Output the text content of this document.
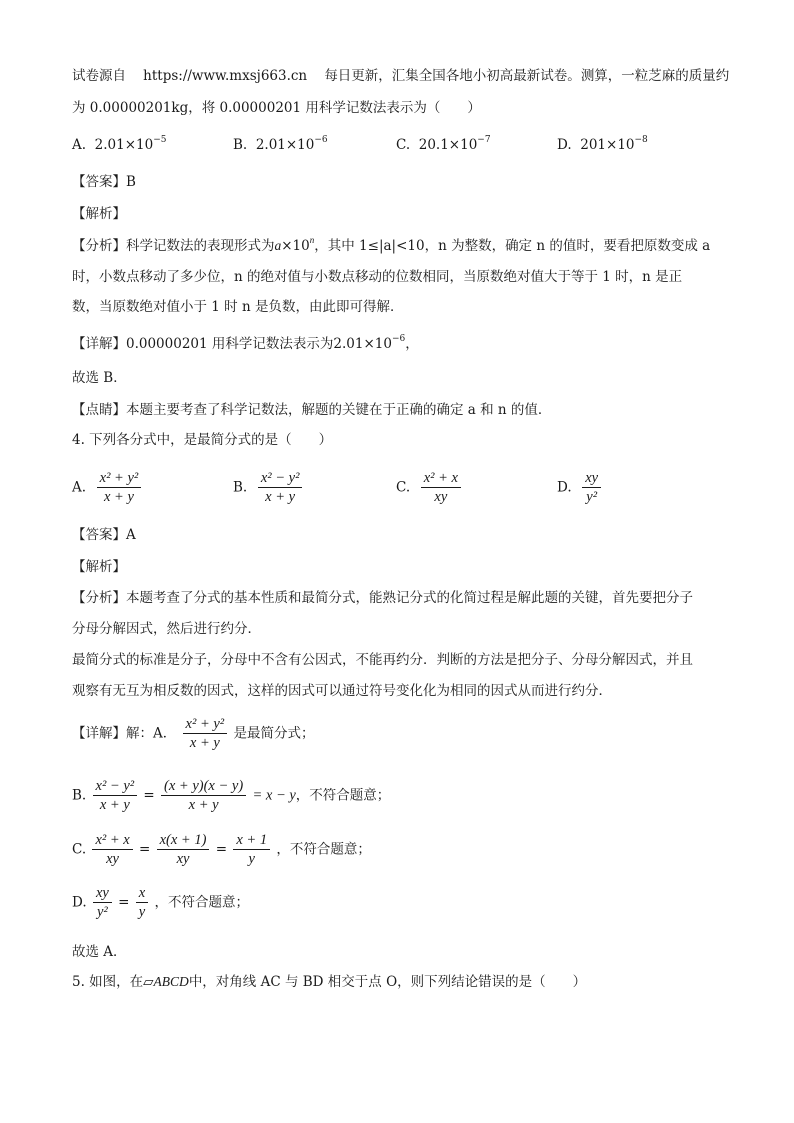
试卷源自 https://www.mxsj663.cn 每日更新，汇集全国各地小初高最新试卷。测算，一粒芝麻的质量约
为 0.00000201kg，将 0.00000201 用科学记数法表示为（　　）
A. $2.01\times 10^{-5}$	B. $2.01\times 10^{-6}$	C. $20.1\times 10^{-7}$	D. $201\times 10^{-8}$
【答案】B
【解析】
【分析】科学记数法的表现形式为$a\times 10^n$，其中 1≤|a|<10，n 为整数，确定 n 的值时，要看把原数变成 a
时，小数点移动了多少位，n 的绝对值与小数点移动的位数相同，当原数绝对值大于等于 1 时，n 是正
数，当原数绝对值小于 1 时 n 是负数，由此即可得解．
【详解】0.00000201 用科学记数法表示为$2.01\times 10^{-6}$，
故选 B．
【点睛】本题主要考查了科学记数法，解题的关键在于正确的确定 a 和 n 的值．
4. 下列各分式中，是最简分式的是（　　）
A. $\frac{\text{x² + y²}}{x + y}$	B. $\frac{\text{x² − y²}}{x + y}$	C. $\frac{\text{x² + x}}{xy}$	D. $\frac{xy}{\text{y²}}$
【答案】A
【解析】
【分析】本题考查了分式的基本性质和最简分式，能熟记分式的化简过程是解此题的关键，首先要把分子
分母分解因式，然后进行约分．
最简分式的标准是分子，分母中不含有公因式，不能再约分．判断的方法是把分子、分母分解因式，并且
观察有无互为相反数的因式，这样的因式可以通过符号变化化为相同的因式从而进行约分．
【详解】解：A． $\frac{\text{x² + y²}}{x + y}$ 是最简分式；
B. $\frac{\text{x² − y²}}{x + y} = \frac{(x + y)(x - y)}{x + y} = x - y$，不符合题意；
C. $\frac{\text{x² + x}}{xy} = \frac{x(x + 1)}{xy} = \frac{x + 1}{y}$ ，不符合题意；
D. $\frac{xy}{\text{y²}} = \frac{x}{y}$ ，不符合题意；
故选 A．
5. 如图，在▱ABCD中，对角线 AC 与 BD 相交于点 O，则下列结论错误的是（　　）
